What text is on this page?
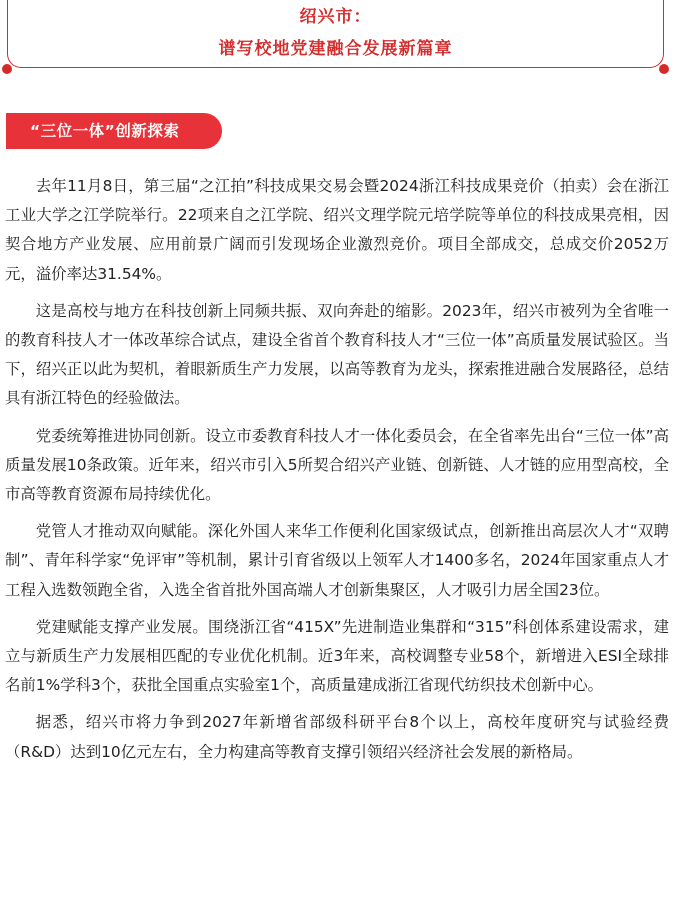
绍兴市：
谱写校地党建融合发展新篇章
“三位一体”创新探索

去年11月8日，第三届“之江拍”科技成果交易会暨2024浙江科技成果竞价（拍卖）会在浙江工业大学之江学院举行。22项来自之江学院、绍兴文理学院元培学院等单位的科技成果亮相，因契合地方产业发展、应用前景广阔而引发现场企业激烈竞价。项目全部成交，总成交价2052万元，溢价率达31.54%。

这是高校与地方在科技创新上同频共振、双向奔赴的缩影。2023年，绍兴市被列为全省唯一的教育科技人才一体改革综合试点，建设全省首个教育科技人才“三位一体”高质量发展试验区。当下，绍兴正以此为契机，着眼新质生产力发展，以高等教育为龙头，探索推进融合发展路径，总结具有浙江特色的经验做法。

党委统筹推进协同创新。设立市委教育科技人才一体化委员会，在全省率先出台“三位一体”高质量发展10条政策。近年来，绍兴市引入5所契合绍兴产业链、创新链、人才链的应用型高校，全市高等教育资源布局持续优化。

党管人才推动双向赋能。深化外国人来华工作便利化国家级试点，创新推出高层次人才“双聘制”、青年科学家“免评审”等机制，累计引育省级以上领军人才1400多名，2024年国家重点人才工程入选数领跑全省，入选全省首批外国高端人才创新集聚区，人才吸引力居全国23位。

党建赋能支撑产业发展。围绕浙江省“415X”先进制造业集群和“315”科创体系建设需求，建立与新质生产力发展相匹配的专业优化机制。近3年来，高校调整专业58个，新增进入ESI全球排名前1%学科3个，获批全国重点实验室1个，高质量建成浙江省现代纺织技术创新中心。

据悉，绍兴市将力争到2027年新增省部级科研平台8个以上，高校年度研究与试验经费（R&D）达到10亿元左右，全力构建高等教育支撑引领绍兴经济社会发展的新格局。
